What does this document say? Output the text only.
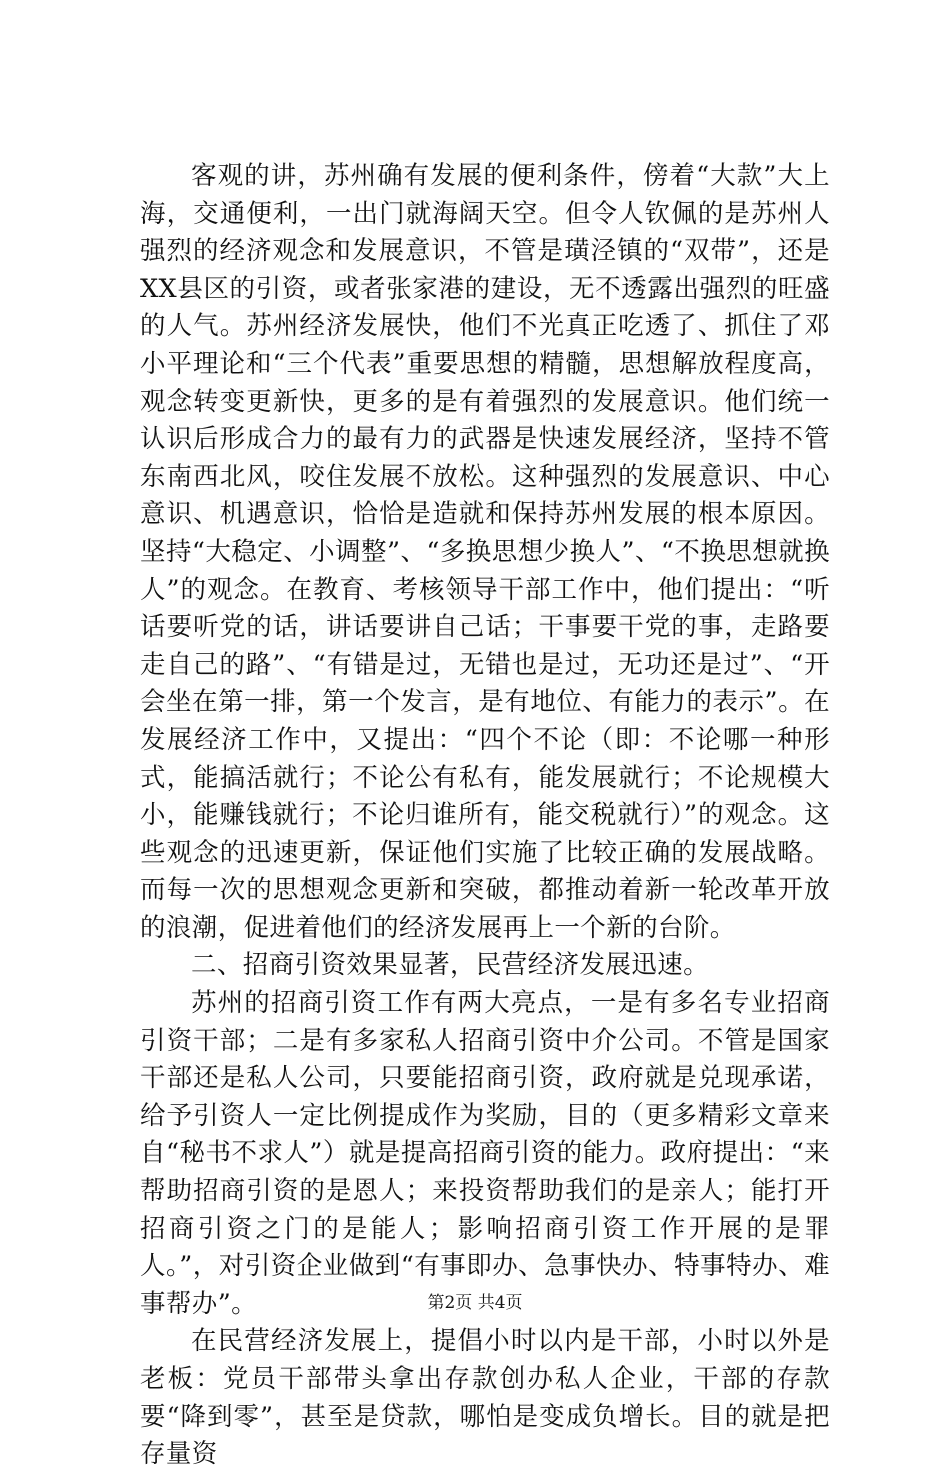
客观的讲，苏州确有发展的便利条件，傍着“大款”大上海，交通便利，一出门就海阔天空。但令人钦佩的是苏州人强烈的经济观念和发展意识，不管是璜泾镇的“双带”，还是XX县区的引资，或者张家港的建设，无不透露出强烈的旺盛的人气。苏州经济发展快，他们不光真正吃透了、抓住了邓小平理论和“三个代表”重要思想的精髓，思想解放程度高，观念转变更新快，更多的是有着强烈的发展意识。他们统一认识后形成合力的最有力的武器是快速发展经济，坚持不管东南西北风，咬住发展不放松。这种强烈的发展意识、中心意识、机遇意识，恰恰是造就和保持苏州发展的根本原因。坚持“大稳定、小调整”、“多换思想少换人”、“不换思想就换人”的观念。在教育、考核领导干部工作中，他们提出：“听话要听党的话，讲话要讲自己话；干事要干党的事，走路要走自己的路”、“有错是过，无错也是过，无功还是过”、“开会坐在第一排，第一个发言，是有地位、有能力的表示”。在发展经济工作中，又提出：“四个不论（即：不论哪一种形式，能搞活就行；不论公有私有，能发展就行；不论规模大小，能赚钱就行；不论归谁所有，能交税就行）”的观念。这些观念的迅速更新，保证他们实施了比较正确的发展战略。而每一次的思想观念更新和突破，都推动着新一轮改革开放的浪潮，促进着他们的经济发展再上一个新的台阶。

二、招商引资效果显著，民营经济发展迅速。

苏州的招商引资工作有两大亮点，一是有多名专业招商引资干部；二是有多家私人招商引资中介公司。不管是国家干部还是私人公司，只要能招商引资，政府就是兑现承诺，给予引资人一定比例提成作为奖励，目的（更多精彩文章来自“秘书不求人”）就是提高招商引资的能力。政府提出：“来帮助招商引资的是恩人；来投资帮助我们的是亲人；能打开招商引资之门的是能人；影响招商引资工作开展的是罪人。”，对引资企业做到“有事即办、急事快办、特事特办、难事帮办”。

在民营经济发展上，提倡小时以内是干部，小时以外是老板：党员干部带头拿出存款创办私人企业，干部的存款要“降到零”，甚至是贷款，哪怕是变成负增长。目的就是把存量资

第2页 共4页
